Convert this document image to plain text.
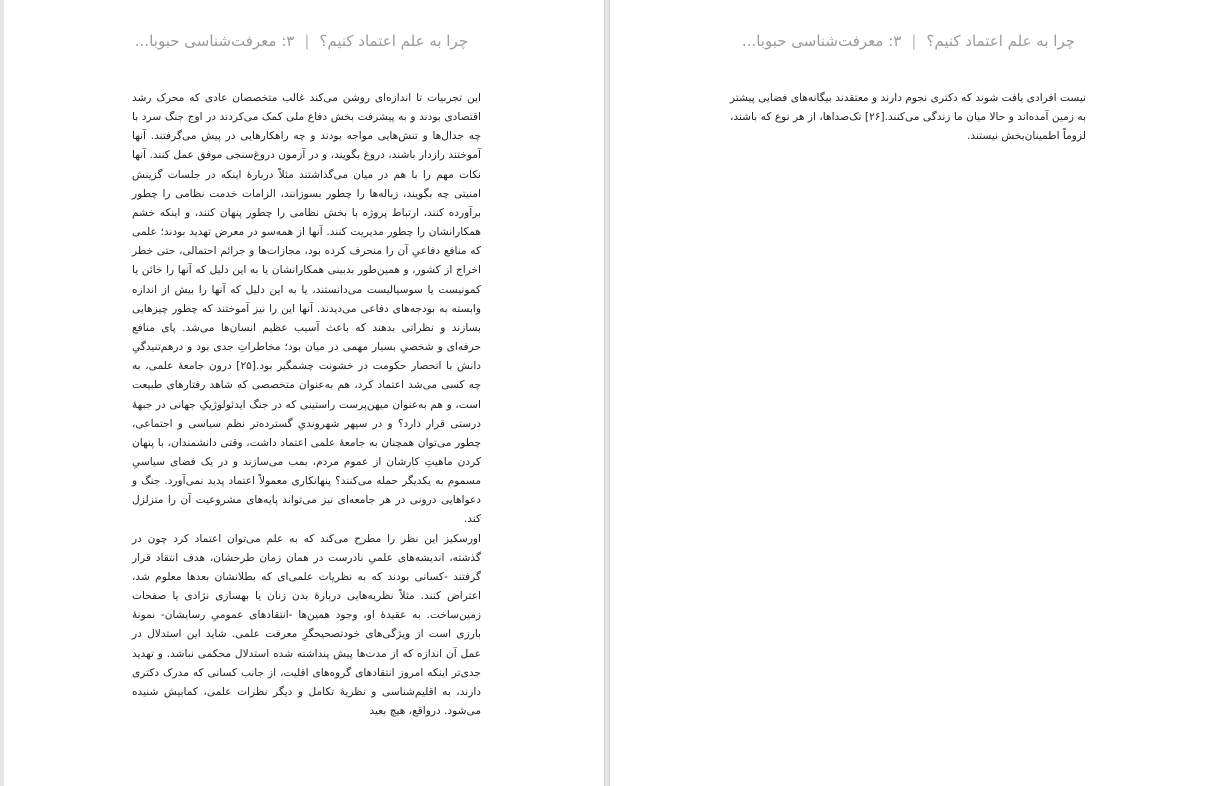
چرا به علم اعتماد کنیم؟|۳: معرفت‌شناسی حبوبا...

این تجربیات تا اندازه‌ای روشن می‌کند غالب متخصصان عادی که محرک رشد اقتصادی بودند و به پیشرفت بخش دفاع ملی کمک می‌کردند در اوج جنگ سرد با چه جدال‌ها و تنش‌هایی مواجه بودند و چه راهکارهایی در پیش می‌گرفتند. آنها آموختند رازدار باشند، دروغ بگویند، و در آزمون دروغ‌سنجی موفق عمل کنند. آنها نکات مهم را با هم در میان می‌گذاشتند مثلاً دربارهٔ اینکه در جلسات گزینش امنیتی چه بگویند، زباله‌ها را چطور بسوزانند، الزامات خدمت نظامی را چطور برآورده کنند، ارتباط پروژه با بخش نظامی را چطور پنهان کنند، و اینکه خشم همکارانشان را چطور مدیریت کنند. آنها از همه‌سو در معرض تهدید بودند؛ علمی که منافع دفاعیِ آن را منحرف کرده بود، مجازات‌ها و جرائم احتمالی، حتی خطر اخراج از کشور، و همین‌طور بدبینی همکارانشان یا به این دلیل که آنها را خائن یا کمونیست یا سوسیالیست می‌دانستند، یا به این دلیل که آنها را بیش از اندازه وابسته به بودجه‌های دفاعی می‌دیدند. آنها این را نیز آموختند که چطور چیزهایی بسازند و نظراتی بدهند که باعث آسیب عظیم انسان‌ها می‌شد. پای منافع حرفه‌ای و شخصیِ بسیار مهمی در میان بود؛ مخاطراتِ جدی بود و درهم‌تنیدگیِ دانش با انحصار حکومت در خشونت چشمگیر بود.[۲۵] درون جامعهٔ علمی، به چه کسی می‌شد اعتماد کرد، هم به‌عنوان متخصصی که شاهد رفتارهای طبیعت است، و هم به‌عنوان میهن‌پرست راستینی که در جنگ ایدئولوژیکِ جهانی در جبههٔ درستی قرار دارد؟ و در سپهر شهروندیِ گسترده‌تر نظم سیاسی و اجتماعی، چطور می‌توان همچنان به جامعهٔ علمی اعتماد داشت، وقتی دانشمندان، با پنهان کردن ماهیتِ کارشان از عموم مردم، بمب می‌سازند و در یک فضای سیاسیِ مسموم به یکدیگر حمله می‌کنند؟ پنهانکاری معمولاً اعتماد پدید نمی‌آورد. جنگ و دعواهایی درونی در هر جامعه‌ای نیز می‌تواند پایه‌های مشروعیت آن را متزلزل کند.

اورسکیز این نظر را مطرح می‌کند که به علم می‌توان اعتماد کرد چون در گذشته، اندیشه‌های علمیِ نادرست در همان زمان طرحشان، هدف انتقاد قرار گرفتند -کسانی بودند که به نظریات علمی‌ای که بطلانشان بعدها معلوم شد، اعتراض کنند. مثلاً نظریه‌هایی دربارهٔ بدن زنان یا بهسازی نژادی یا صفحات زمین‌ساخت. به عقیدهٔ او، وجود همین‌ها -انتقادهای عمومیِ رسایشان- نمونهٔ بارزی است از ویژگی‌های خودتصحیحگرِ معرفت علمی. شاید این استدلال در عمل آن اندازه که از مدت‌ها پیش پنداشته شده استدلال محکمی نباشد. و تهدید جدی‌تر اینکه امروز انتقادهای گروه‌های اقلیت، از جانب کسانی که مدرک دکتری دارند، به اقلیم‌شناسی و نظریهٔ تکامل و دیگر نظرات علمی، کمابیش شنیده می‌شود. درواقع، هیچ بعید

چرا به علم اعتماد کنیم؟|۳: معرفت‌شناسی حبوبا...

نیست افرادی یافت شوند که دکتری نجوم دارند و معتقدند بیگانه‌های فضایی پیشتر به زمین آمده‌اند و حالا میان ما زندگی می‌کنند.[۲۶] تک‌صداها، از هر نوع که باشند، لزوماً اطمینان‌بخش نیستند.
